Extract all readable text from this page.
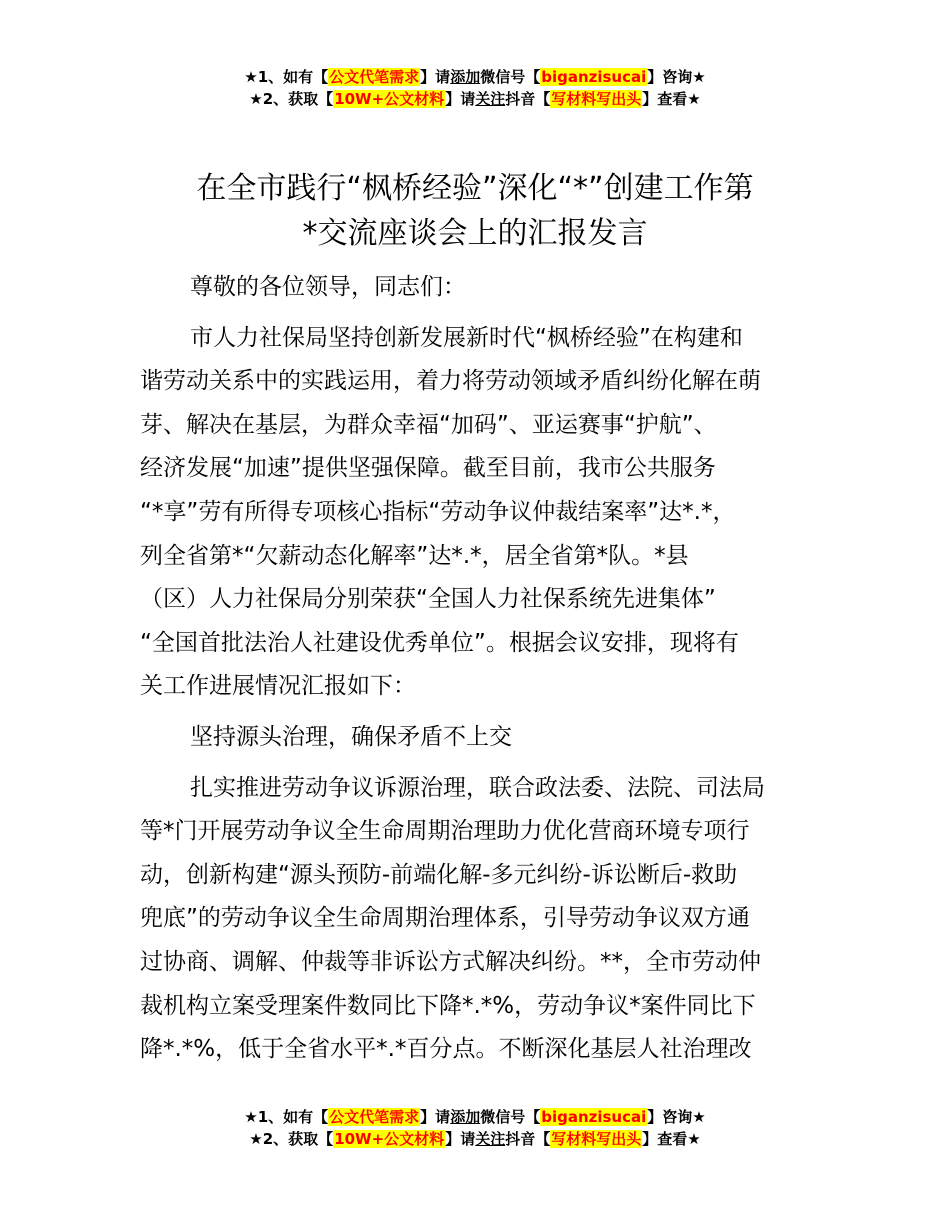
★1、如有【公文代笔需求】请添加微信号【biganzisucai】咨询★
★2、获取【10W+公文材料】请关注抖音【写材料写出头】查看★
在全市践行“枫桥经验”深化“*”创建工作第
*交流座谈会上的汇报发言
尊敬的各位领导，同志们：
市人力社保局坚持创新发展新时代“枫桥经验”在构建和
谐劳动关系中的实践运用，着力将劳动领域矛盾纠纷化解在萌
芽、解决在基层，为群众幸福“加码”、亚运赛事“护航”、
经济发展“加速”提供坚强保障。截至目前，我市公共服务
“*享”劳有所得专项核心指标“劳动争议仲裁结案率”达*.*，
列全省第*“欠薪动态化解率”达*.*，居全省第*队。*县
（区）人力社保局分别荣获“全国人力社保系统先进集体”
“全国首批法治人社建设优秀单位”。根据会议安排，现将有
关工作进展情况汇报如下：
坚持源头治理，确保矛盾不上交
扎实推进劳动争议诉源治理，联合政法委、法院、司法局
等*门开展劳动争议全生命周期治理助力优化营商环境专项行
动，创新构建“源头预防-前端化解-多元纠纷-诉讼断后-救助
兜底”的劳动争议全生命周期治理体系，引导劳动争议双方通
过协商、调解、仲裁等非诉讼方式解决纠纷。**，全市劳动仲
裁机构立案受理案件数同比下降*.*%，劳动争议*案件同比下
降*.*%，低于全省水平*.*百分点。不断深化基层人社治理改
★1、如有【公文代笔需求】请添加微信号【biganzisucai】咨询★
★2、获取【10W+公文材料】请关注抖音【写材料写出头】查看★
